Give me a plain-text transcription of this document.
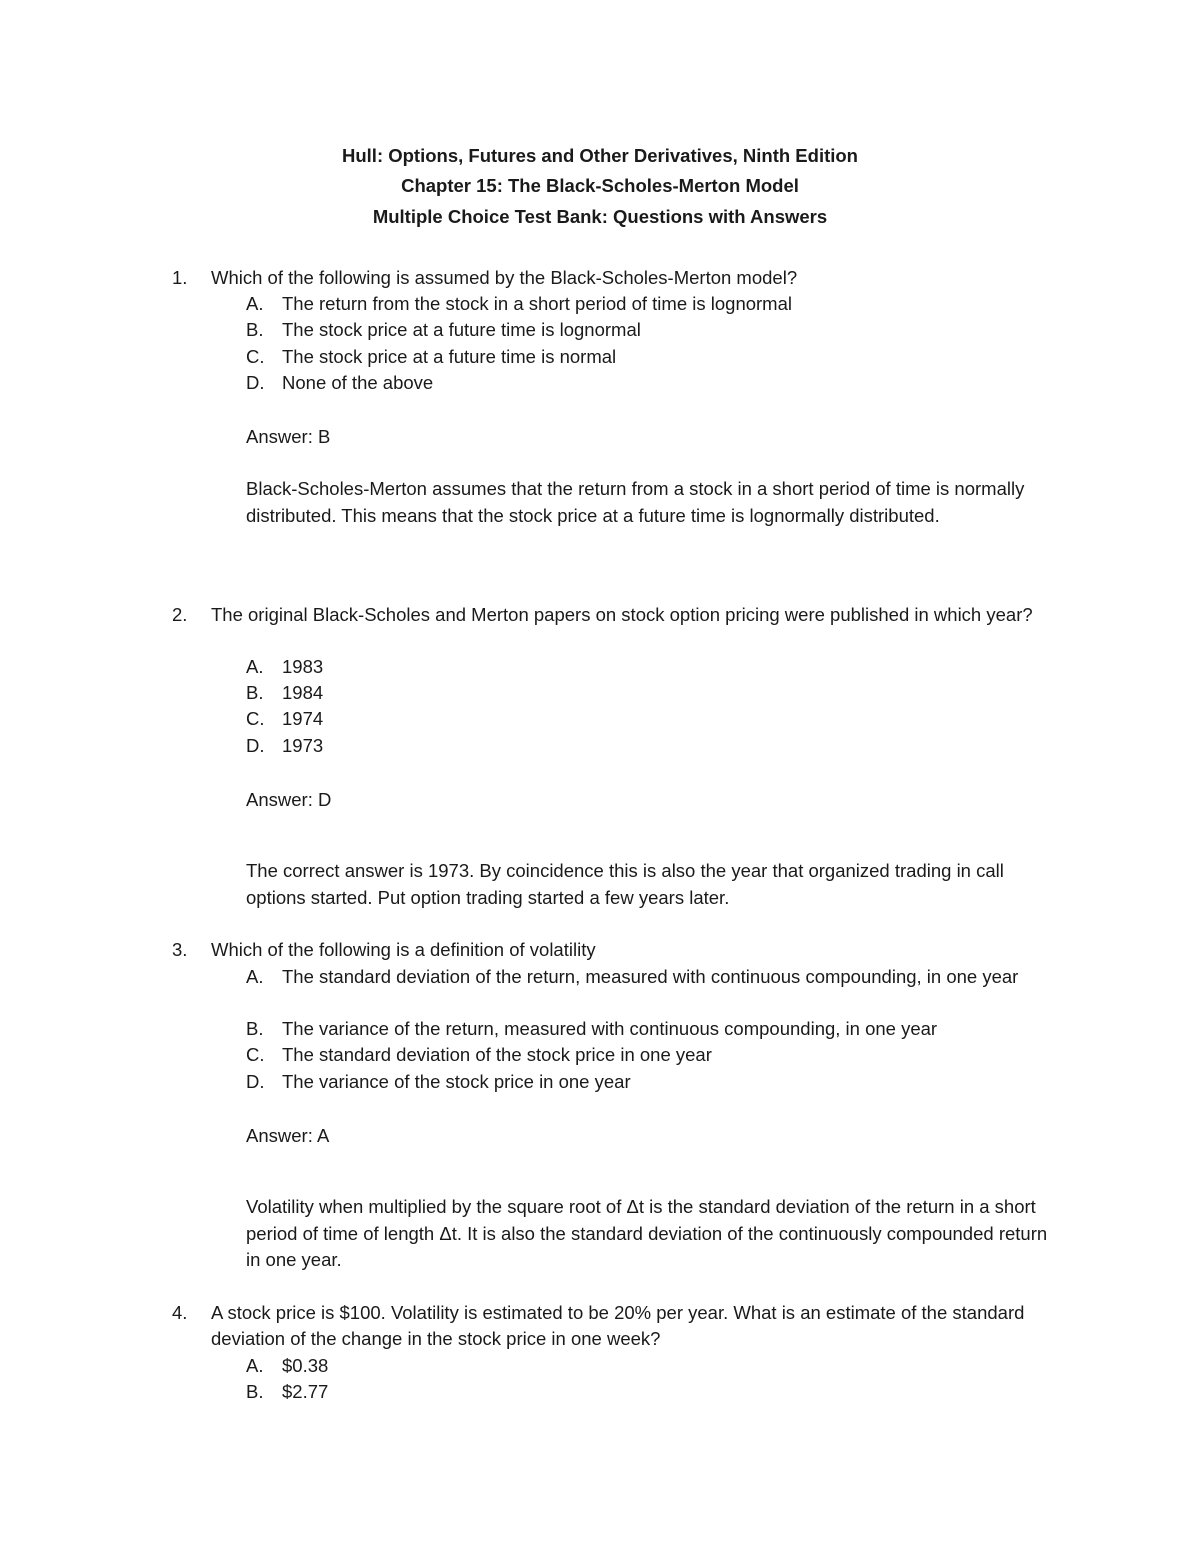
Hull: Options, Futures and Other Derivatives, Ninth Edition
Chapter 15: The Black-Scholes-Merton Model
Multiple Choice Test Bank: Questions with Answers
1. Which of the following is assumed by the Black-Scholes-Merton model?
A. The return from the stock in a short period of time is lognormal
B. The stock price at a future time is lognormal
C. The stock price at a future time is normal
D. None of the above
Answer: B
Black-Scholes-Merton assumes that the return from a stock in a short period of time is normally distributed. This means that the stock price at a future time is lognormally distributed.
2. The original Black-Scholes and Merton papers on stock option pricing were published in which year?
A. 1983
B. 1984
C. 1974
D. 1973
Answer: D
The correct answer is 1973. By coincidence this is also the year that organized trading in call options started. Put option trading started a few years later.
3. Which of the following is a definition of volatility
A. The standard deviation of the return, measured with continuous compounding, in one year
B. The variance of the return, measured with continuous compounding, in one year
C. The standard deviation of the stock price in one year
D. The variance of the stock price in one year
Answer: A
Volatility when multiplied by the square root of Δt is the standard deviation of the return in a short period of time of length Δt. It is also the standard deviation of the continuously compounded return in one year.
4. A stock price is $100. Volatility is estimated to be 20% per year. What is an estimate of the standard deviation of the change in the stock price in one week?
A. $0.38
B. $2.77
